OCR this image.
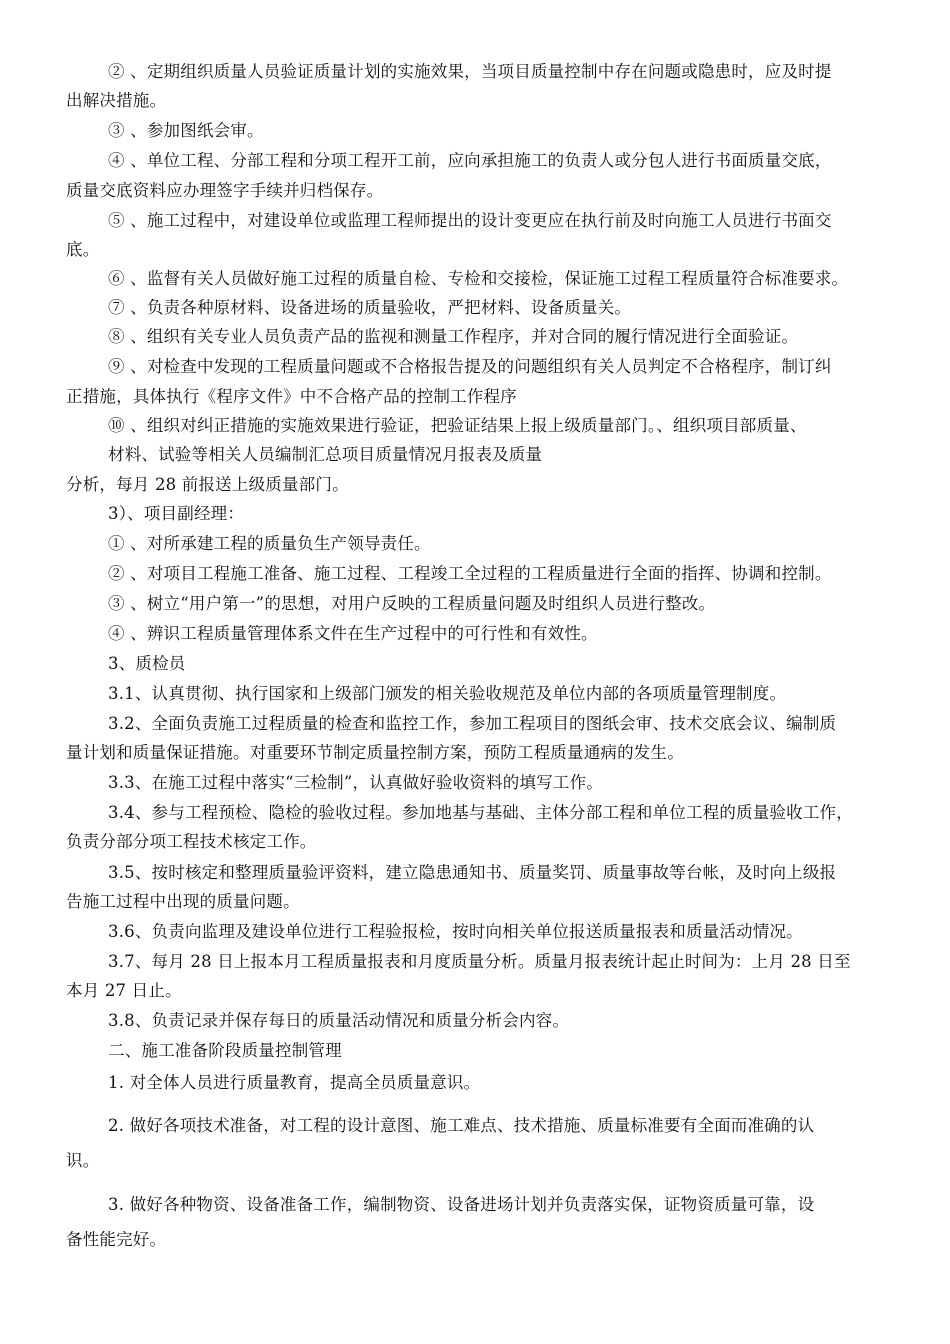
② 、定期组织质量人员验证质量计划的实施效果，当项目质量控制中存在问题或隐患时，应及时提
出解决措施。
③ 、参加图纸会审。
④ 、单位工程、分部工程和分项工程开工前，应向承担施工的负责人或分包人进行书面质量交底，
质量交底资料应办理签字手续并归档保存。
⑤ 、施工过程中，对建设单位或监理工程师提出的设计变更应在执行前及时向施工人员进行书面交
底。
⑥ 、监督有关人员做好施工过程的质量自检、专检和交接检，保证施工过程工程质量符合标准要求。
⑦ 、负责各种原材料、设备进场的质量验收，严把材料、设备质量关。
⑧ 、组织有关专业人员负责产品的监视和测量工作程序，并对合同的履行情况进行全面验证。
⑨ 、对检查中发现的工程质量问题或不合格报告提及的问题组织有关人员判定不合格程序，制订纠
正措施，具体执行《程序文件》中不合格产品的控制工作程序
⑩ 、组织对纠正措施的实施效果进行验证，把验证结果上报上级质量部门。、组织项目部质量、
材料、试验等相关人员编制汇总项目质量情况月报表及质量
分析，每月 28 前报送上级质量部门。
3）、项目副经理：
① 、对所承建工程的质量负生产领导责任。
② 、对项目工程施工准备、施工过程、工程竣工全过程的工程质量进行全面的指挥、协调和控制。
③ 、树立“用户第一”的思想，对用户反映的工程质量问题及时组织人员进行整改。
④ 、辨识工程质量管理体系文件在生产过程中的可行性和有效性。
3、质检员
3.1、认真贯彻、执行国家和上级部门颁发的相关验收规范及单位内部的各项质量管理制度。
3.2、全面负责施工过程质量的检查和监控工作，参加工程项目的图纸会审、技术交底会议、编制质
量计划和质量保证措施。对重要环节制定质量控制方案，预防工程质量通病的发生。
3.3、在施工过程中落实“三检制”，认真做好验收资料的填写工作。
3.4、参与工程预检、隐检的验收过程。参加地基与基础、主体分部工程和单位工程的质量验收工作，
负责分部分项工程技术核定工作。
3.5、按时核定和整理质量验评资料，建立隐患通知书、质量奖罚、质量事故等台帐，及时向上级报
告施工过程中出现的质量问题。
3.6、负责向监理及建设单位进行工程验报检，按时向相关单位报送质量报表和质量活动情况。
3.7、每月 28 日上报本月工程质量报表和月度质量分析。质量月报表统计起止时间为：上月 28 日至
本月 27 日止。
3.8、负责记录并保存每日的质量活动情况和质量分析会内容。
二、施工准备阶段质量控制管理
1. 对全体人员进行质量教育，提高全员质量意识。
2. 做好各项技术准备，对工程的设计意图、施工难点、技术措施、质量标准要有全面而准确的认
识。
3. 做好各种物资、设备准备工作，编制物资、设备进场计划并负责落实保，证物资质量可靠，设
备性能完好。
